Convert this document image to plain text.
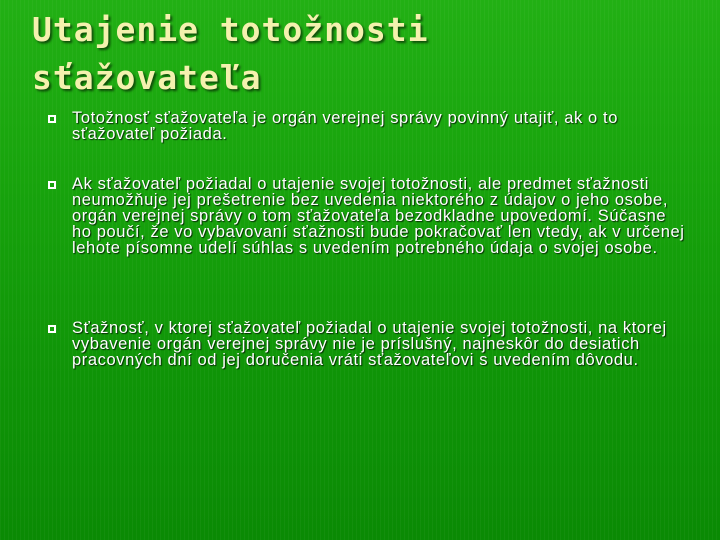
Utajenie totožnosti
sťažovateľa
Totožnosť sťažovateľa je orgán verejnej správy povinný utajiť, ak o to sťažovateľ požiada.
Ak sťažovateľ požiadal o utajenie svojej totožnosti, ale predmet sťažnosti neumožňuje jej prešetrenie bez uvedenia niektorého z údajov o jeho osobe, orgán verejnej správy o tom sťažovateľa bezodkladne upovedomí. Súčasne ho poučí, že vo vybavovaní sťažnosti bude pokračovať len vtedy, ak v určenej lehote písomne udelí súhlas s uvedením potrebného údaja o svojej osobe.
Sťažnosť, v ktorej sťažovateľ požiadal o utajenie svojej totožnosti, na ktorej vybavenie orgán verejnej správy nie je príslušný, najneskôr do desiatich pracovných dní od jej doručenia vráti sťažovateľovi s uvedením dôvodu.
